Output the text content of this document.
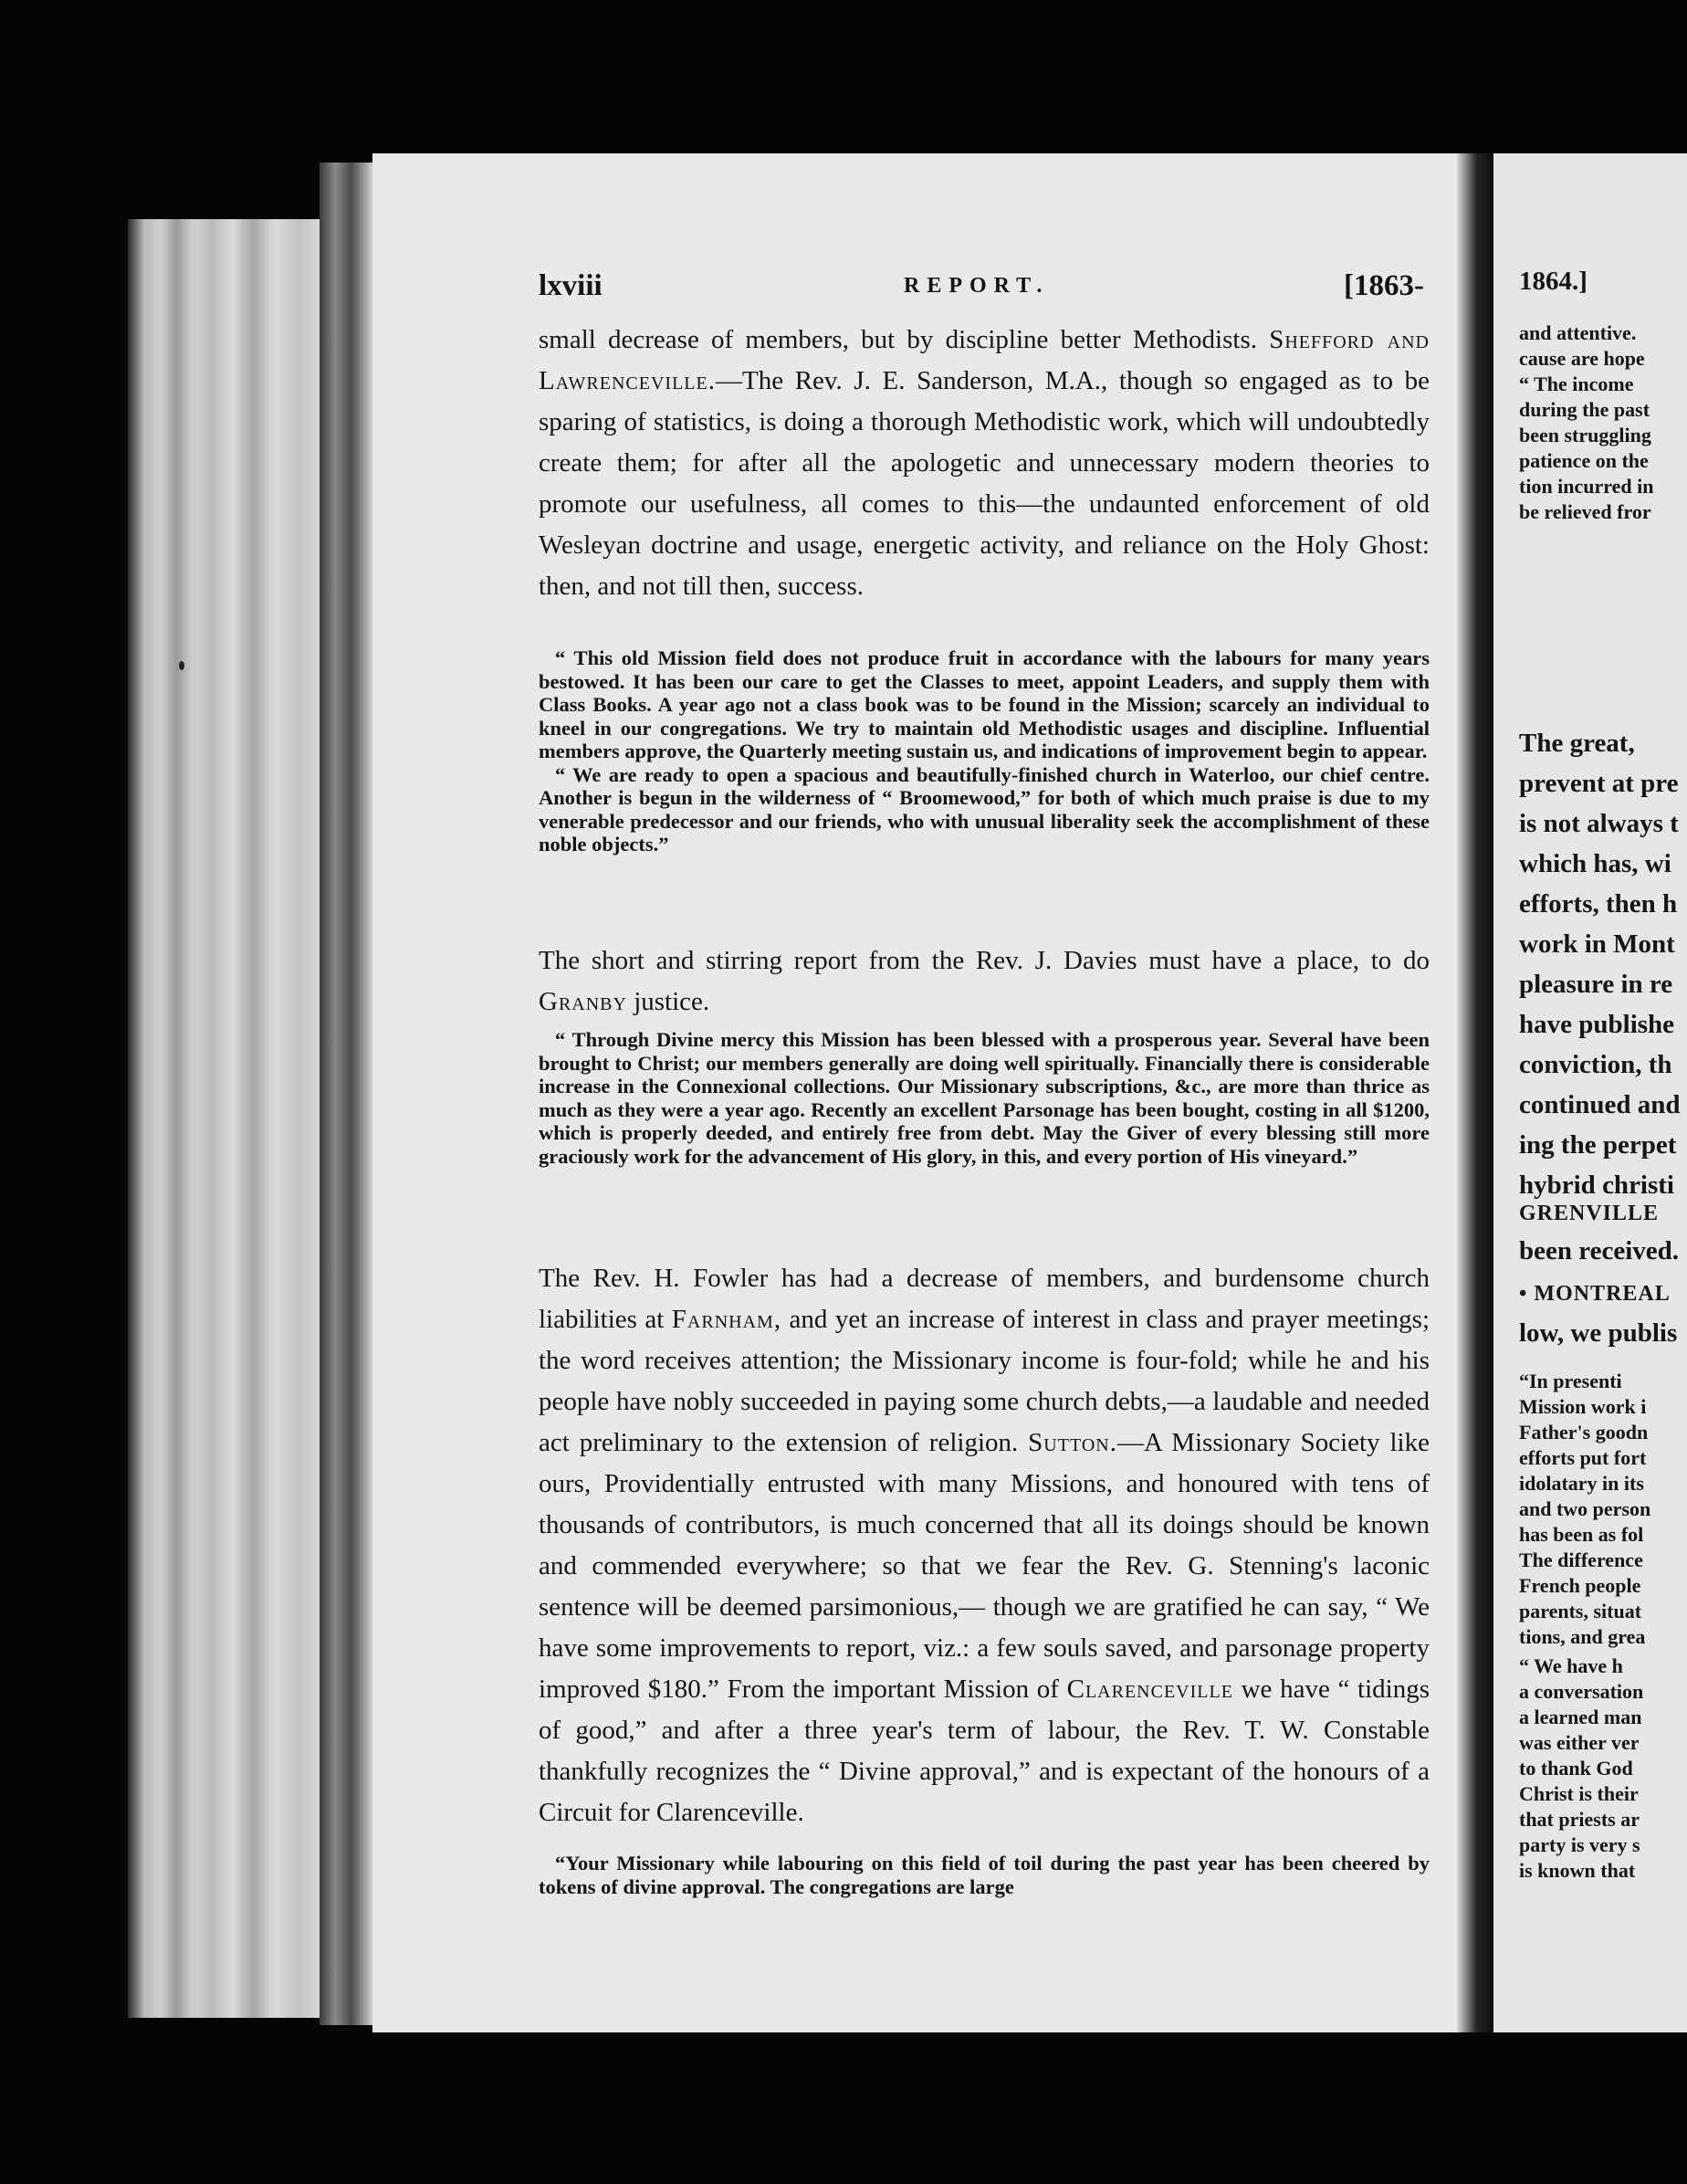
lxviii	REPORT.	[1863-

small decrease of members, but by discipline better Methodists. Shefford and Lawrenceville.—The Rev. J. E. Sanderson, M.A., though so engaged as to be sparing of statistics, is doing a thorough Methodistic work, which will undoubtedly create them; for after all the apologetic and unnecessary modern theories to promote our usefulness, all comes to this—the undaunted enforcement of old Wesleyan doctrine and usage, energetic activity, and reliance on the Holy Ghost: then, and not till then, success.

“ This old Mission field does not produce fruit in accordance with the labours for many years bestowed. It has been our care to get the Classes to meet, appoint Leaders, and supply them with Class Books. A year ago not a class book was to be found in the Mission; scarcely an individual to kneel in our congregations. We try to maintain old Methodistic usages and discipline. Influential members approve, the Quarterly meeting sustain us, and indications of improvement begin to appear.

“ We are ready to open a spacious and beautifully-finished church in Waterloo, our chief centre. Another is begun in the wilderness of “ Broomewood,” for both of which much praise is due to my venerable predecessor and our friends, who with unusual liberality seek the accomplishment of these noble objects.”

The short and stirring report from the Rev. J. Davies must have a place, to do Granby justice.

“ Through Divine mercy this Mission has been blessed with a prosperous year. Several have been brought to Christ; our members generally are doing well spiritually. Financially there is considerable increase in the Connexional collections. Our Missionary subscriptions, &c., are more than thrice as much as they were a year ago. Recently an excellent Parsonage has been bought, costing in all $1200, which is properly deeded, and entirely free from debt. May the Giver of every blessing still more graciously work for the advancement of His glory, in this, and every portion of His vineyard.”

The Rev. H. Fowler has had a decrease of members, and burdensome church liabilities at Farnham, and yet an increase of interest in class and prayer meetings; the word receives attention; the Missionary income is four-fold; while he and his people have nobly succeeded in paying some church debts,—a laudable and needed act preliminary to the extension of religion. Sutton.—A Missionary Society like ours, Providentially entrusted with many Missions, and honoured with tens of thousands of contributors, is much concerned that all its doings should be known and commended everywhere; so that we fear the Rev. G. Stenning's laconic sentence will be deemed parsimonious,— though we are gratified he can say, “ We have some improvements to report, viz.: a few souls saved, and parsonage property improved $180.” From the important Mission of Clarenceville we have “ tidings of good,” and after a three year's term of labour, the Rev. T. W. Constable thankfully recognizes the “ Divine approval,” and is expectant of the honours of a Circuit for Clarenceville.

“Your Missionary while labouring on this field of toil during the past year has been cheered by tokens of divine approval. The congregations are large

1864.]
and attentive.
cause are hope
“ The income
during the past
been struggling
patience on the
tion incurred in
be relieved fror
The great,
prevent at pre
is not always t
which has, wi
efforts, then h
work in Mont
pleasure in re
have publishe
conviction, th
continued and
ing the perpet
hybrid christi
GRENVILLE
been received.
• MONTREAL
low, we publis
“In presenti
Mission work i
Father's goodn
efforts put fort
idolatary in its
and two person
has been as fol
The difference
French people
parents, situat
tions, and grea
“ We have h
a conversation
a learned man
was either ver
to thank God
Christ is their
that priests ar
party is very s
is known that
